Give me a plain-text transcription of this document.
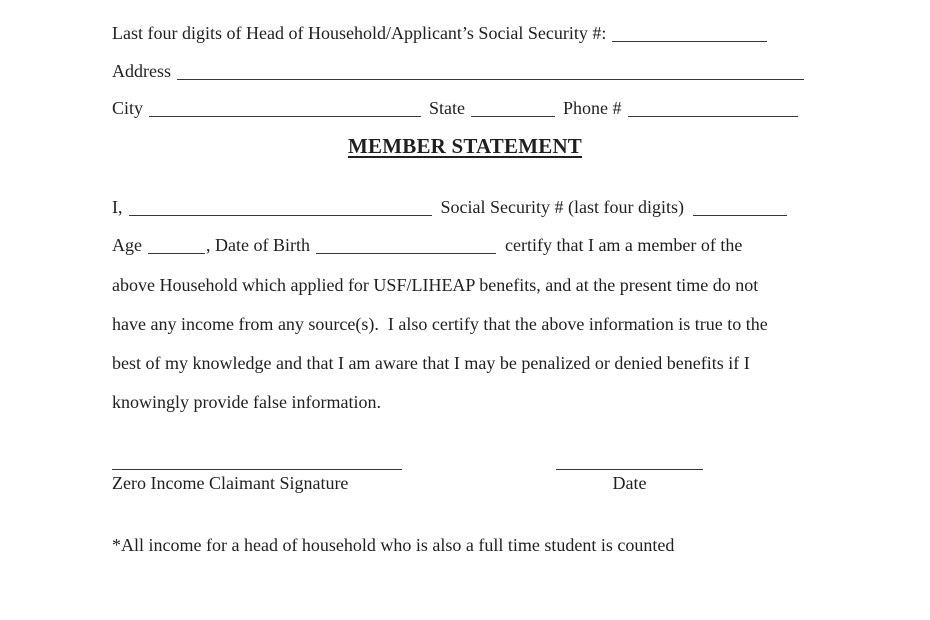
Last four digits of Head of Household/Applicant’s Social Security #:
Address
City	State	Phone #
MEMBER STATEMENT
I,	Social Security # (last four digits)
Age	, Date of Birth	certify that I am a member of the
above Household which applied for USF/LIHEAP benefits, and at the present time do not
have any income from any source(s).  I also certify that the above information is true to the
best of my knowledge and that I am aware that I may be penalized or denied benefits if I
knowingly provide false information.
Zero Income Claimant Signature	Date
*All income for a head of household who is also a full time student is counted
